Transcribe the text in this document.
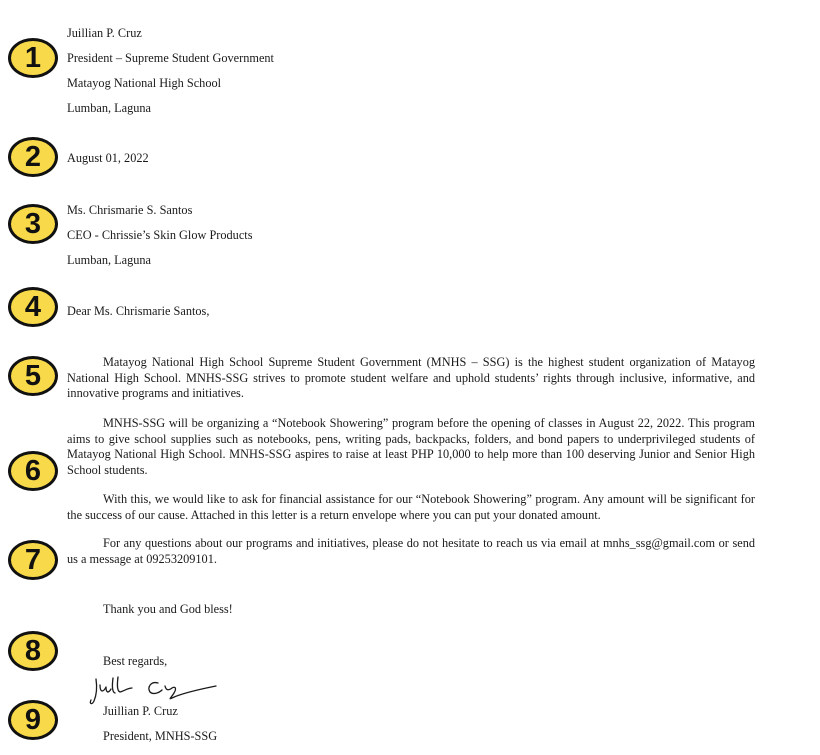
1
2
3
4
5
6
7
8
9
Juillian P. Cruz
President – Supreme Student Government
Matayog National High School
Lumban, Laguna
August 01, 2022
Ms. Chrismarie S. Santos
CEO - Chrissie’s Skin Glow Products
Lumban, Laguna
Dear Ms. Chrismarie Santos,

Matayog National High School Supreme Student Government (MNHS – SSG) is the highest student organization of Matayog National High School. MNHS-SSG strives to promote student welfare and uphold students’ rights through inclusive, informative, and innovative programs and initiatives.

MNHS-SSG will be organizing a “Notebook Showering” program before the opening of classes in August 22, 2022. This program aims to give school supplies such as notebooks, pens, writing pads, backpacks, folders, and bond papers to underprivileged students of Matayog National High School. MNHS-SSG aspires to raise at least PHP 10,000 to help more than 100 deserving Junior and Senior High School students.

With this, we would like to ask for financial assistance for our “Notebook Showering” program. Any amount will be significant for the success of our cause. Attached in this letter is a return envelope where you can put your donated amount.

For any questions about our programs and initiatives, please do not hesitate to reach us via email at mnhs_ssg@gmail.com or send us a message at 09253209101.

Thank you and God bless!
Best regards,
Juillian P. Cruz
President, MNHS-SSG
